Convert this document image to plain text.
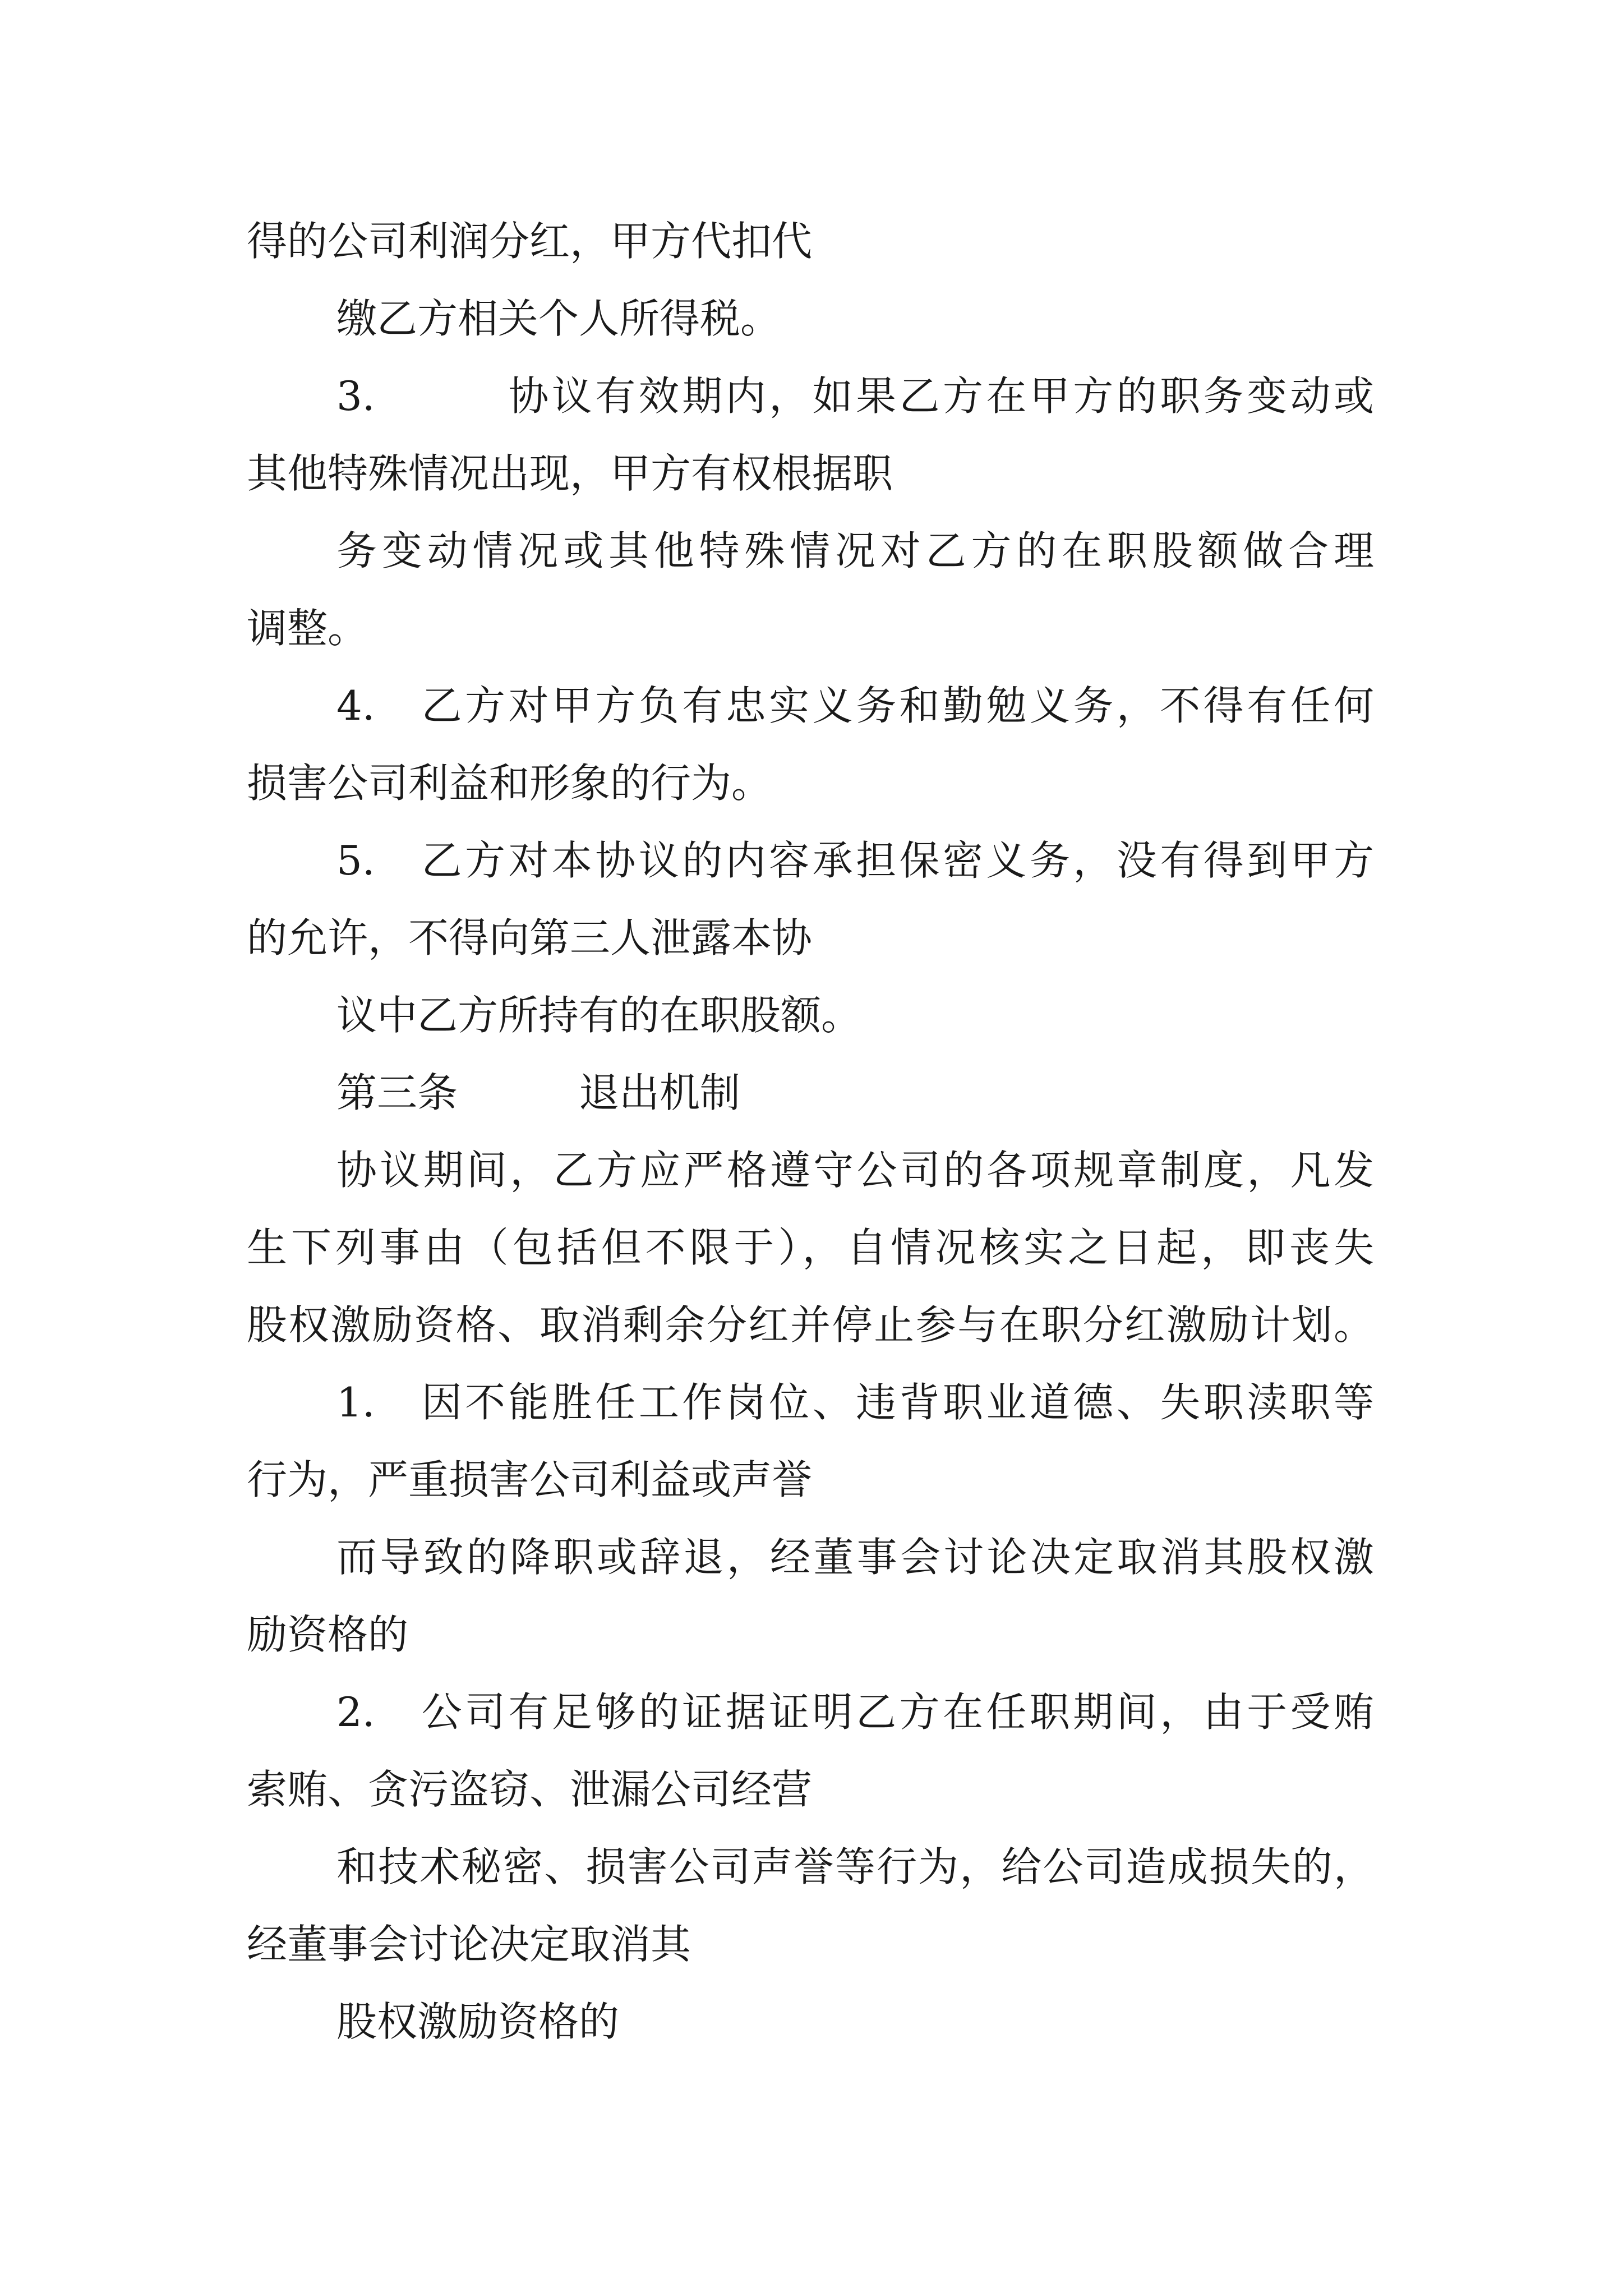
得的公司利润分红，甲方代扣代
缴乙方相关个人所得税。
3.　　　协议有效期内，如果乙方在甲方的职务变动或
其他特殊情况出现，甲方有权根据职
务变动情况或其他特殊情况对乙方的在职股额做合理
调整。
4.　乙方对甲方负有忠实义务和勤勉义务，不得有任何
损害公司利益和形象的行为。
5.　乙方对本协议的内容承担保密义务，没有得到甲方
的允许，不得向第三人泄露本协
议中乙方所持有的在职股额。
第三条　　　退出机制
协议期间，乙方应严格遵守公司的各项规章制度，凡发
生下列事由（包括但不限于），自情况核实之日起，即丧失
股权激励资格、取消剩余分红并停止参与在职分红激励计划。
1.　因不能胜任工作岗位、违背职业道德、失职渎职等
行为，严重损害公司利益或声誉
而导致的降职或辞退，经董事会讨论决定取消其股权激
励资格的
2.　公司有足够的证据证明乙方在任职期间，由于受贿
索贿、贪污盗窃、泄漏公司经营
和技术秘密、损害公司声誉等行为，给公司造成损失的，
经董事会讨论决定取消其
股权激励资格的
